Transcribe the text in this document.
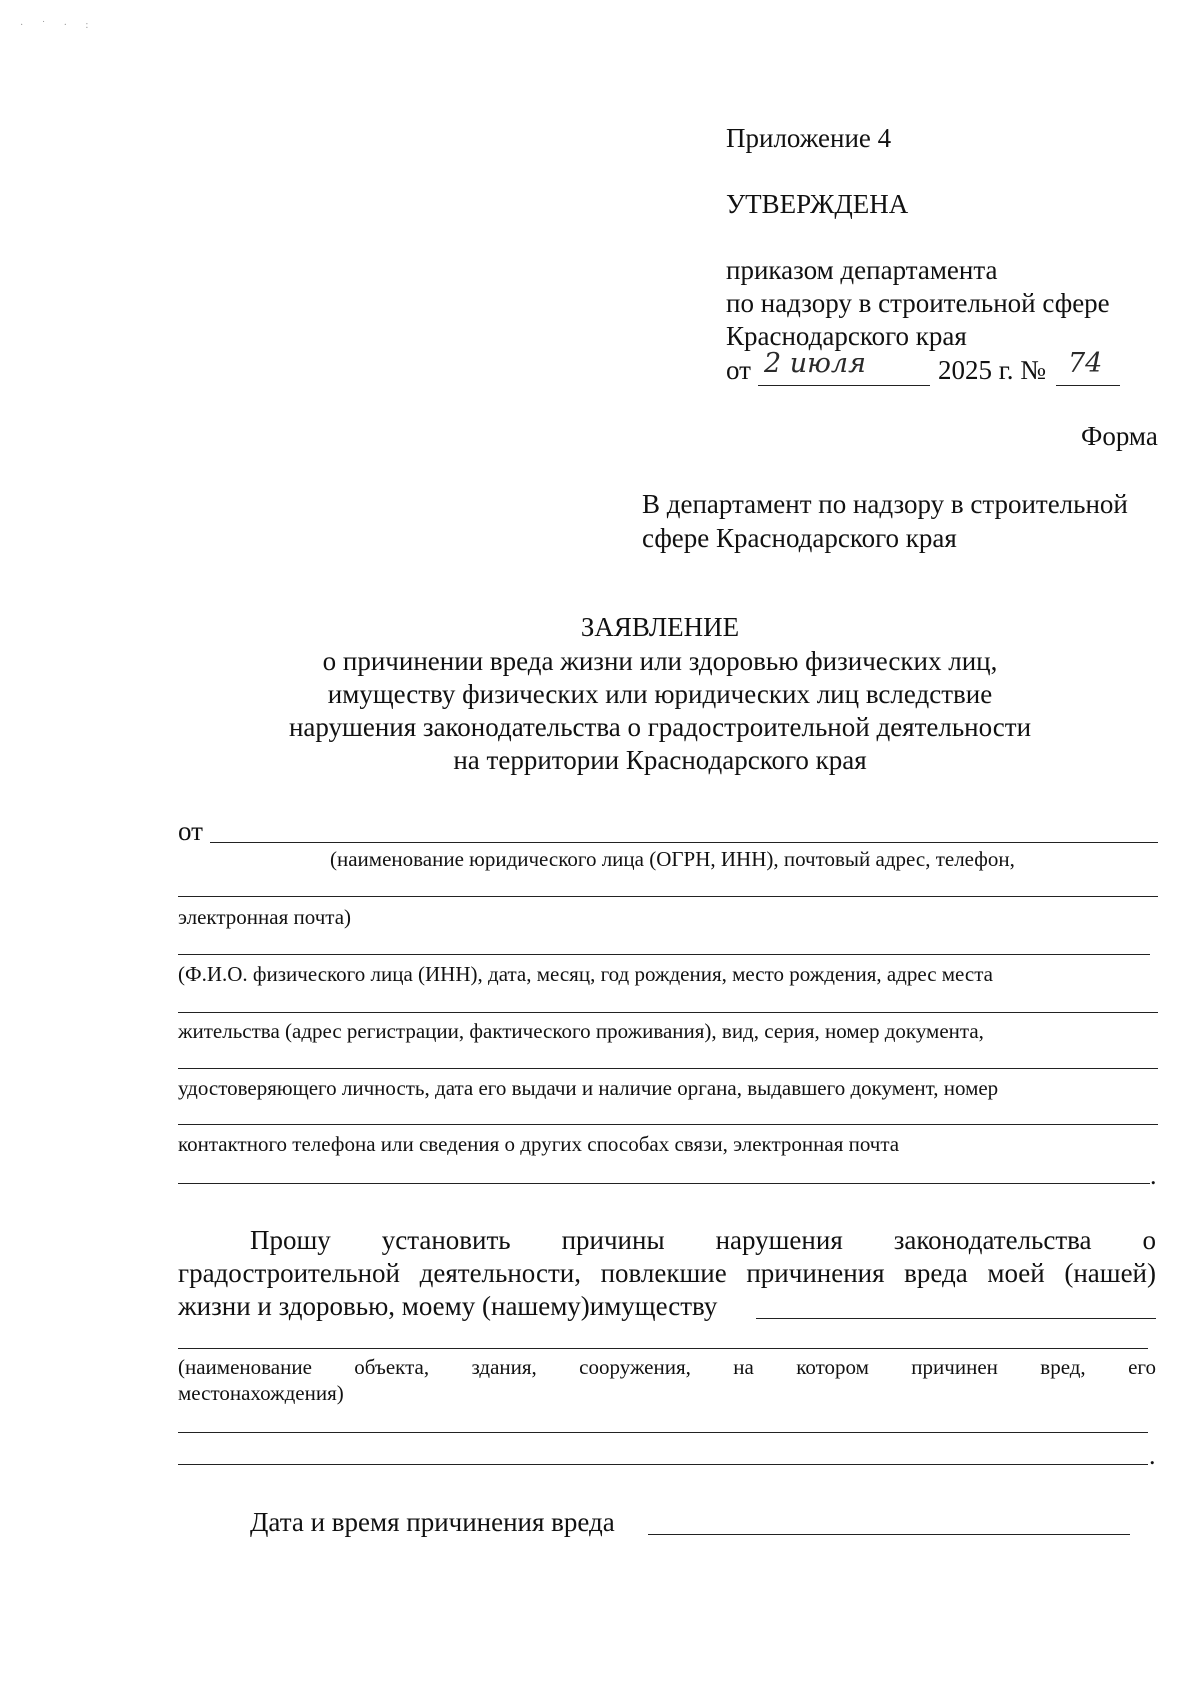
· ˙ · :
Приложение 4
УТВЕРЖДЕНА
приказом департамента
по надзору в строительной сфере
Краснодарского края
от 2 июля	2025 г. № 74
Форма
В департамент по надзору в строительной
сфере Краснодарского края
ЗАЯВЛЕНИЕ
о причинении вреда жизни или здоровью физических лиц,
имуществу физических или юридических лиц вследствие
нарушения законодательства о градостроительной деятельности
на территории Краснодарского края
от
(наименование юридического лица (ОГРН, ИНН), почтовый адрес, телефон,
электронная почта)
(Ф.И.О. физического лица (ИНН), дата, месяц, год рождения, место рождения, адрес места
жительства (адрес регистрации, фактического проживания), вид, серия, номер документа,
удостоверяющего личность, дата его выдачи и наличие органа, выдавшего документ, номер
контактного телефона или сведения о других способах связи, электронная почта
.
Прошу установить причины нарушения законодательства о
градостроительной деятельности, повлекшие причинения вреда моей (нашей)
жизни и здоровью, моему (нашему)имуществу
(наименование объекта, здания, сооружения, на котором причинен вред, его
местонахождения)
.
Дата и время причинения вреда
